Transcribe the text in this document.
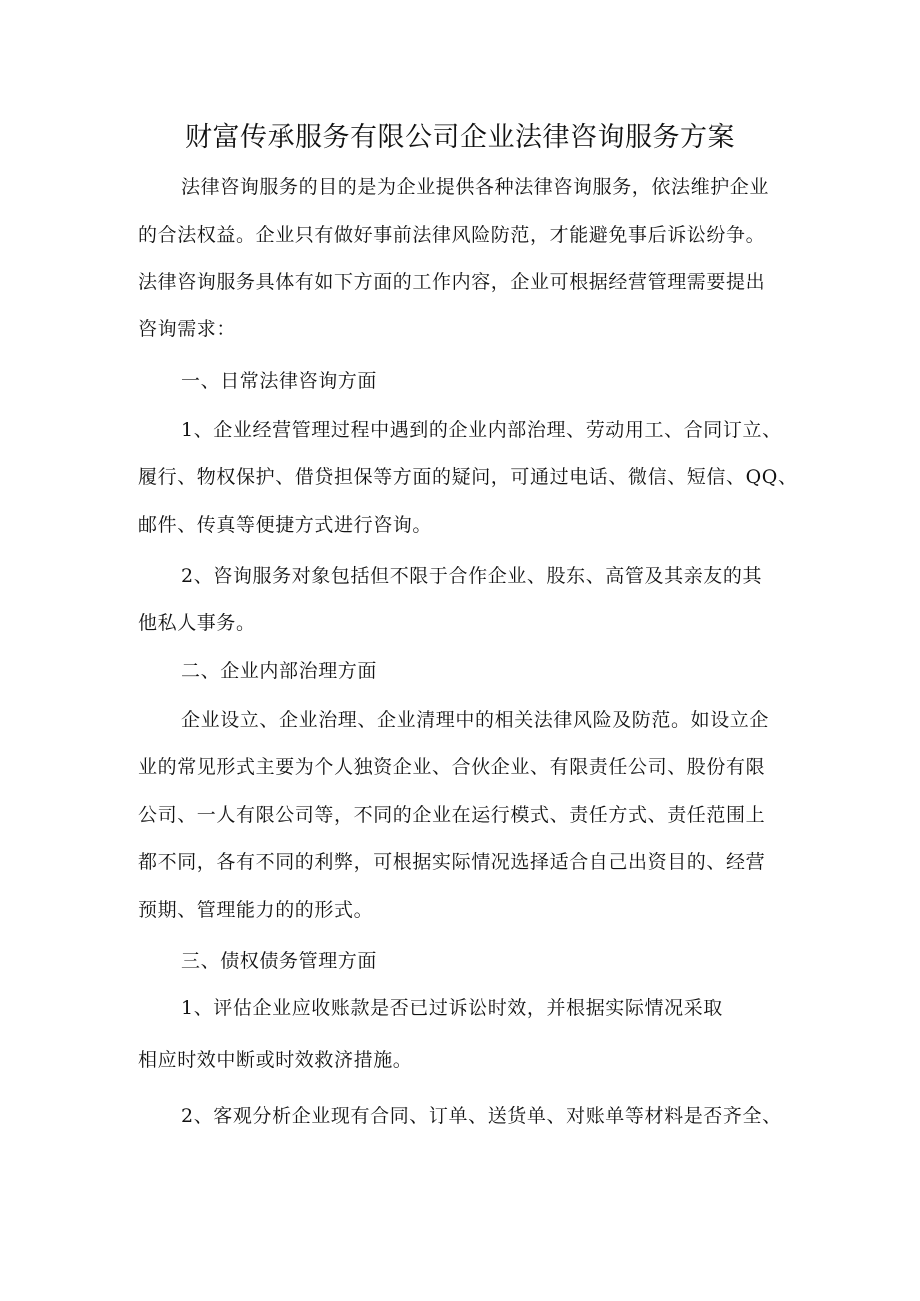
财富传承服务有限公司企业法律咨询服务方案
法律咨询服务的目的是为企业提供各种法律咨询服务，依法维护企业
的合法权益。企业只有做好事前法律风险防范，才能避免事后诉讼纷争。
法律咨询服务具体有如下方面的工作内容，企业可根据经营管理需要提出
咨询需求：
一、日常法律咨询方面
1、企业经营管理过程中遇到的企业内部治理、劳动用工、合同订立、
履行、物权保护、借贷担保等方面的疑问，可通过电话、微信、短信、QQ、
邮件、传真等便捷方式进行咨询。
2、咨询服务对象包括但不限于合作企业、股东、高管及其亲友的其
他私人事务。
二、企业内部治理方面
企业设立、企业治理、企业清理中的相关法律风险及防范。如设立企
业的常见形式主要为个人独资企业、合伙企业、有限责任公司、股份有限
公司、一人有限公司等，不同的企业在运行模式、责任方式、责任范围上
都不同，各有不同的利弊，可根据实际情况选择适合自己出资目的、经营
预期、管理能力的的形式。
三、债权债务管理方面
1、评估企业应收账款是否已过诉讼时效，并根据实际情况采取
相应时效中断或时效救济措施。
2、客观分析企业现有合同、订单、送货单、对账单等材料是否齐全、
